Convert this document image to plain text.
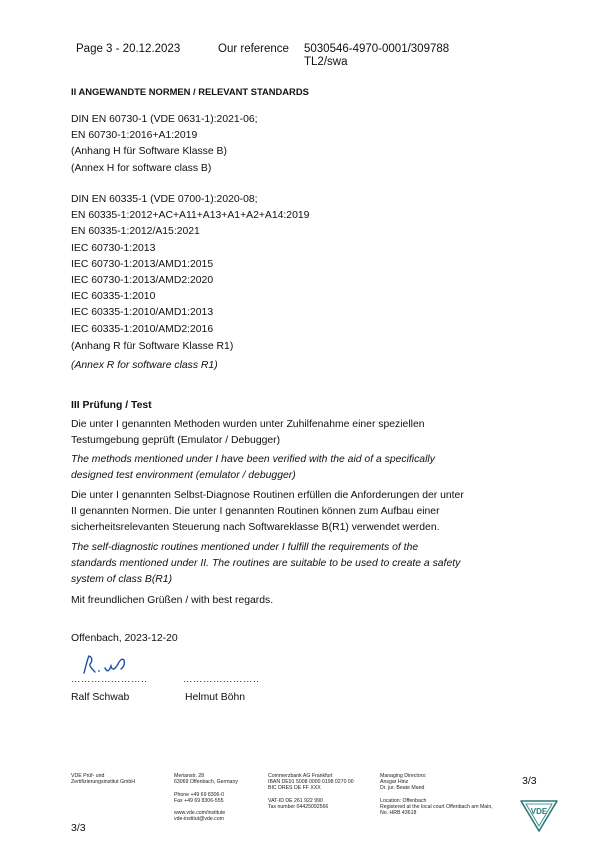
Page 3 - 20.12.2023	Our reference 5030546-4970-0001/309788
TL2/swa
II ANGEWANDTE NORMEN / RELEVANT STANDARDS
DIN EN 60730-1 (VDE 0631-1):2021-06;
EN 60730-1:2016+A1:2019
(Anhang H für Software Klasse B)
(Annex H for software class B)
DIN EN 60335-1 (VDE 0700-1):2020-08;
EN 60335-1:2012+AC+A11+A13+A1+A2+A14:2019
EN 60335-1:2012/A15:2021
IEC 60730-1:2013
IEC 60730-1:2013/AMD1:2015
IEC 60730-1:2013/AMD2:2020
IEC 60335-1:2010
IEC 60335-1:2010/AMD1:2013
IEC 60335-1:2010/AMD2:2016
(Anhang R für Software Klasse R1)
(Annex R for software class R1)
III Prüfung / Test
Die unter I genannten Methoden wurden unter Zuhilfenahme einer speziellen
Testumgebung geprüft (Emulator / Debugger)
The methods mentioned under I have been verified with the aid of a specifically
designed test environment (emulator / debugger)
Die unter I genannten Selbst-Diagnose Routinen erfüllen die Anforderungen der unter
II genannten Normen. Die unter I genannten Routinen können zum Aufbau einer
sicherheitsrelevanten Steuerung nach Softwareklasse B(R1) verwendet werden.
The self-diagnostic routines mentioned under I fulfill the requirements of the
standards mentioned under II. The routines are suitable to be used to create a safety
system of class B(R1)
Mit freundlichen Grüßen / with best regards.
Offenbach, 2023-12-20
…………………..	…………………..
Ralf Schwab	Helmut Böhn
VDE Prüf- und
Zertifizierungsinstitut GmbH
Merianstr. 28
63069 Offenbach, Germany

Phone +49 69 8306-0
Fax +49 69 8306-555

www.vde.com/institute
vde-institut@vde.com
Commerzbank AG Frankfurt
IBAN DE91 5008 0000 0198 0270 00
BIC DRES DE FF XXX

VAT-ID DE 261 922 990
Tax number 04425092566
Managing Directors:
Ansgar Hinz
Dr. jur. Beate Mand

Location: Offenbach
Registered at the local court Offenbach am Main,
No. HRB 43618
3/3
VDE
3/3
